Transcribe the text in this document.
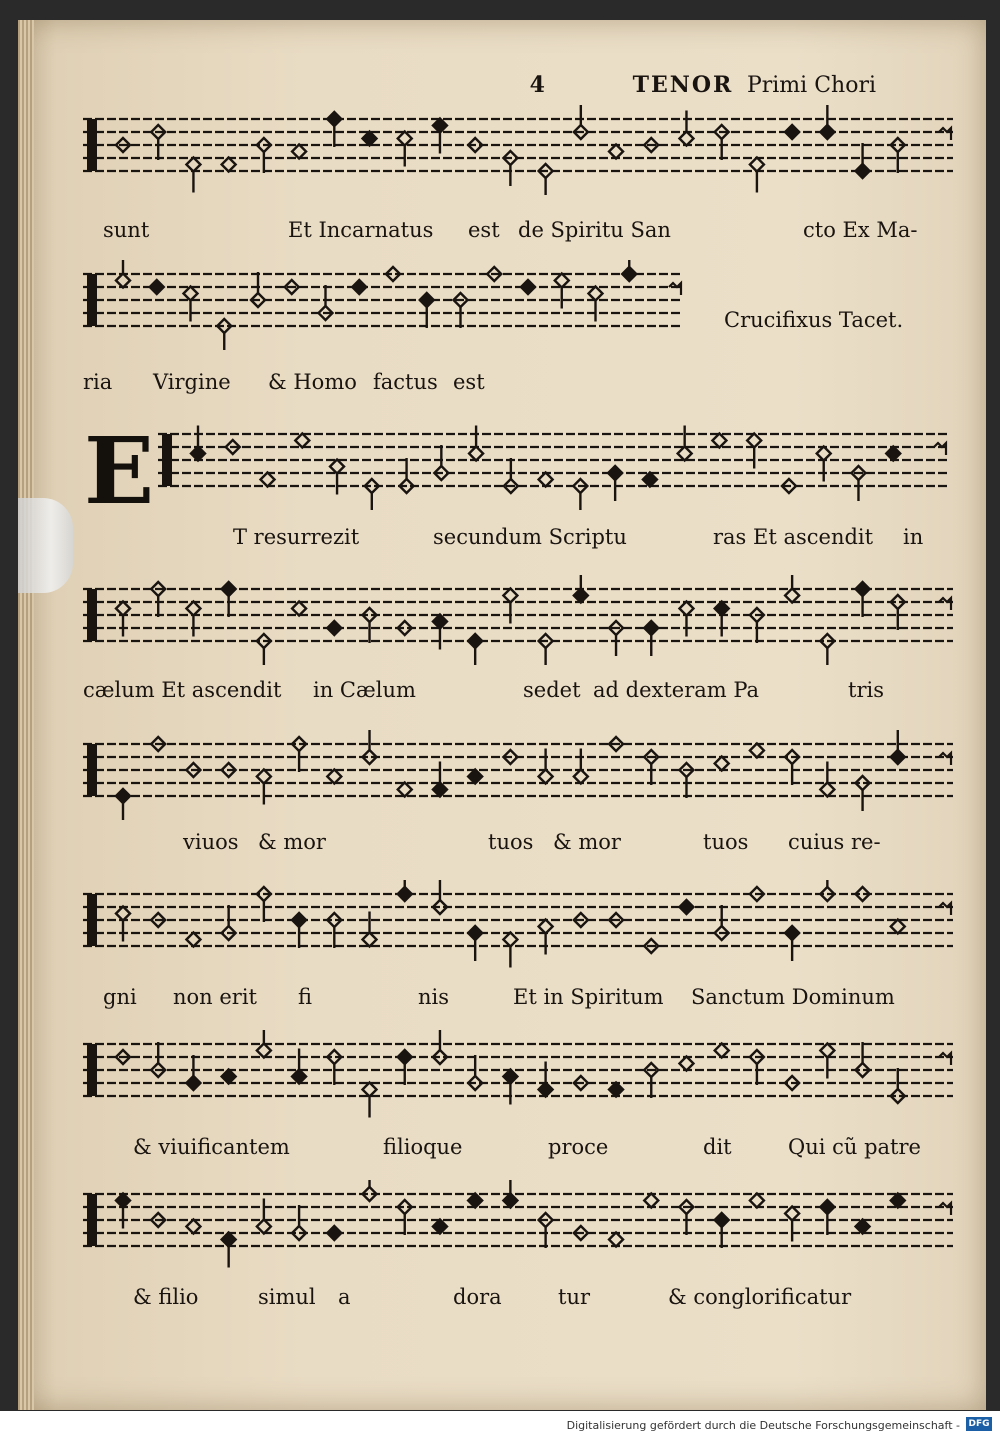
4	TENOR Primi Chori
E
Crucifixus Tacet.
sunt	Et Incarnatus est de Spiritu San	cto Ex Ma-
ria Virgine & Homo factus est
T resurrezit	secundum Scriptu	ras Et ascendit in
cælum Et ascendit in Cælum	sedet ad dexteram Pa	tris
viuos & mor	tuos & mor	tuos cuius re-
gni non erit fi	nis	Et in Spiritum Sanctum Dominum
& viuificantem	filioque	proce	dit	Qui cũ patre
& filio	simul a	dora	tur	& conglorificatur
Digitalisierung gefördert durch die Deutsche Forschungsgemeinschaft - DFG
